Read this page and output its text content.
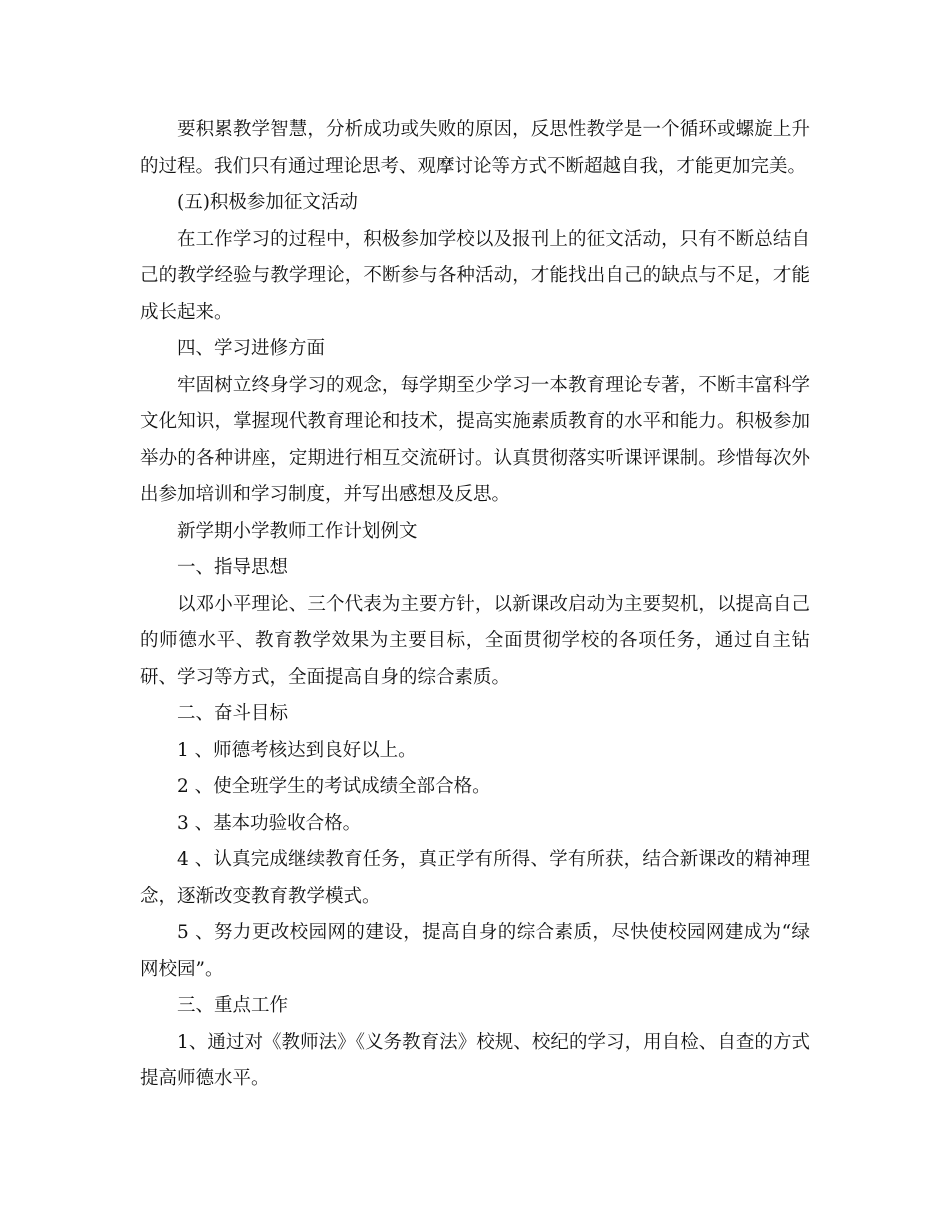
要积累教学智慧，分析成功或失败的原因，反思性教学是一个循环或螺旋上升的过程。我们只有通过理论思考、观摩讨论等方式不断超越自我，才能更加完美。

(五)积极参加征文活动

在工作学习的过程中，积极参加学校以及报刊上的征文活动，只有不断总结自己的教学经验与教学理论，不断参与各种活动，才能找出自己的缺点与不足，才能成长起来。

四、学习进修方面

牢固树立终身学习的观念，每学期至少学习一本教育理论专著，不断丰富科学文化知识，掌握现代教育理论和技术，提高实施素质教育的水平和能力。积极参加举办的各种讲座，定期进行相互交流研讨。认真贯彻落实听课评课制。珍惜每次外出参加培训和学习制度，并写出感想及反思。

新学期小学教师工作计划例文

一、指导思想

以邓小平理论、三个代表为主要方针，以新课改启动为主要契机，以提高自己的师德水平、教育教学效果为主要目标，全面贯彻学校的各项任务，通过自主钻研、学习等方式，全面提高自身的综合素质。

二、奋斗目标

1 、师德考核达到良好以上。

2 、使全班学生的考试成绩全部合格。

3 、基本功验收合格。

4 、认真完成继续教育任务，真正学有所得、学有所获，结合新课改的精神理念，逐渐改变教育教学模式。

5 、努力更改校园网的建设，提高自身的综合素质，尽快使校园网建成为“绿网校园”。

三、重点工作

1、通过对《教师法》《义务教育法》校规、校纪的学习，用自检、自查的方式提高师德水平。
